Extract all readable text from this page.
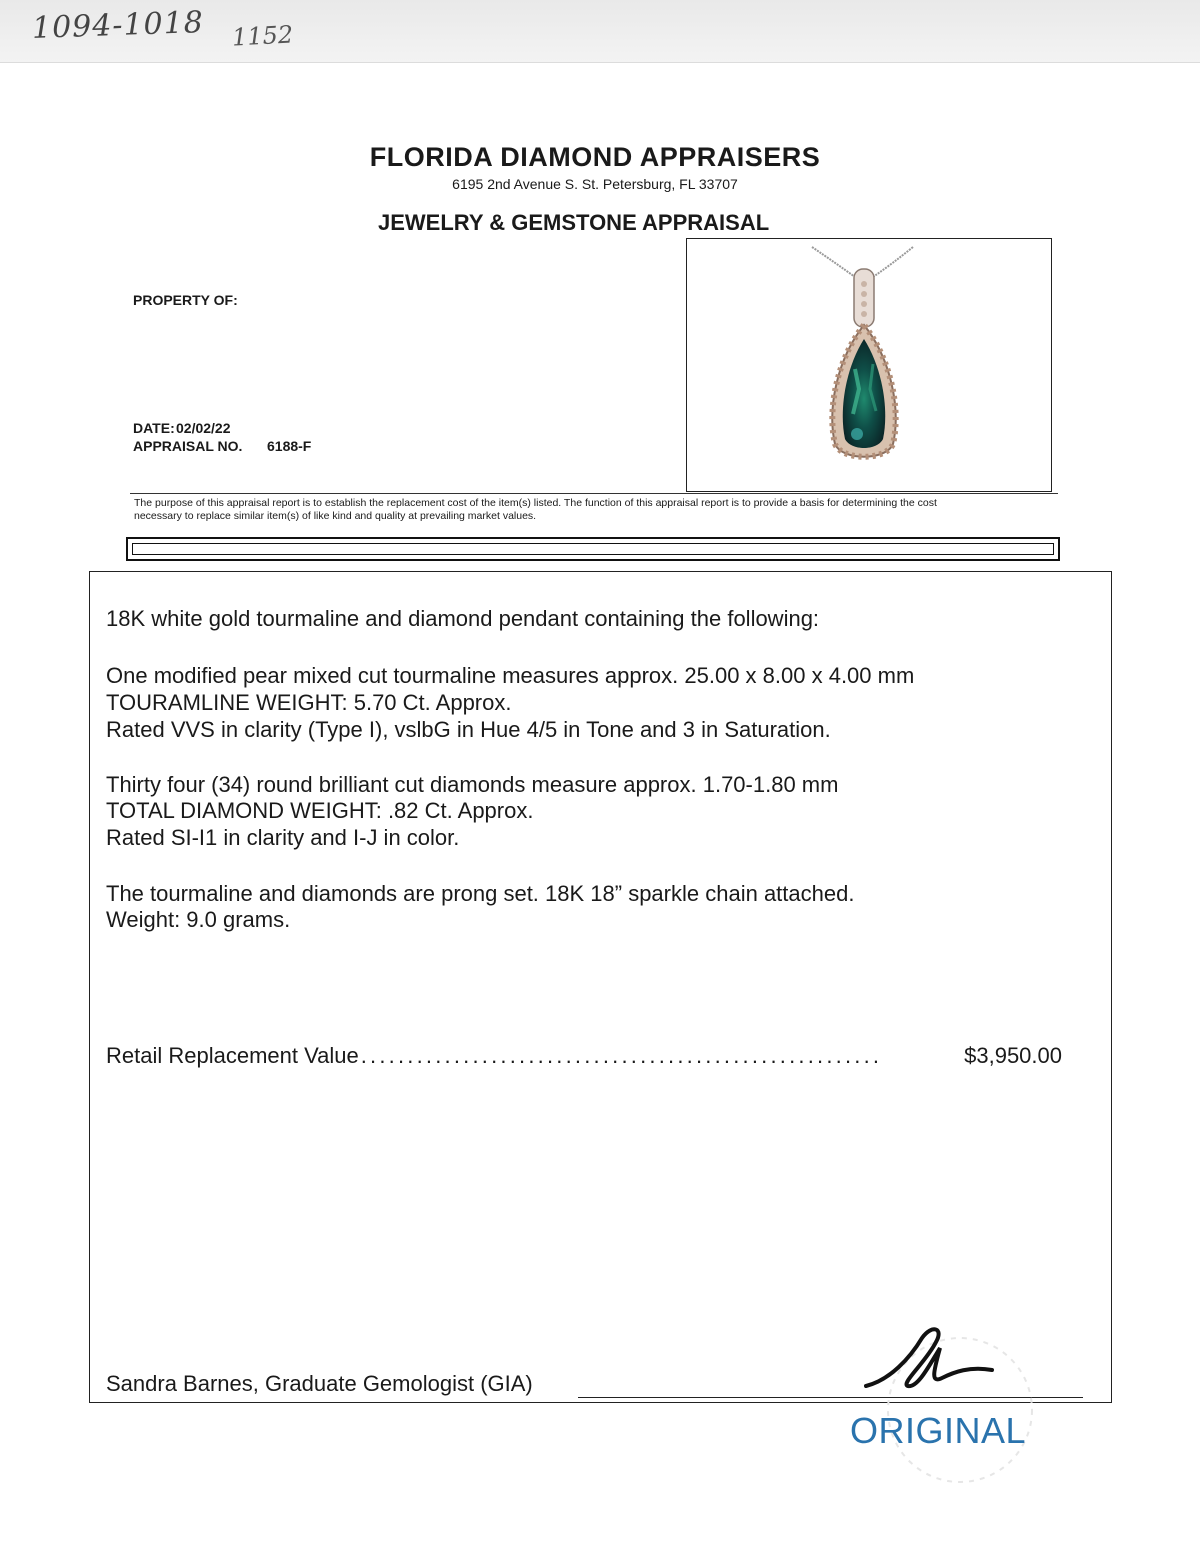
1094-1018 1152
FLORIDA DIAMOND APPRAISERS
6195 2nd Avenue S. St. Petersburg, FL 33707
JEWELRY & GEMSTONE APPRAISAL
PROPERTY OF:
DATE: 02/02/22
APPRAISAL NO. 6188-F
The purpose of this appraisal report is to establish the replacement cost of the item(s) listed. The function of this appraisal report is to provide a basis for determining the cost
necessary to replace similar item(s) of like kind and quality at prevailing market values.
18K white gold tourmaline and diamond pendant containing the following:
One modified pear mixed cut tourmaline measures approx. 25.00 x 8.00 x 4.00 mm
TOURAMLINE WEIGHT: 5.70 Ct. Approx.
Rated VVS in clarity (Type I), vslbG in Hue 4/5 in Tone and 3 in Saturation.
Thirty four (34) round brilliant cut diamonds measure approx. 1.70-1.80 mm
TOTAL DIAMOND WEIGHT: .82 Ct. Approx.
Rated SI-I1 in clarity and I-J in color.
The tourmaline and diamonds are prong set. 18K 18” sparkle chain attached.
Weight: 9.0 grams.
Retail Replacement Value ........................................................	$3,950.00
Sandra Barnes, Graduate Gemologist (GIA)
ORIGINAL
